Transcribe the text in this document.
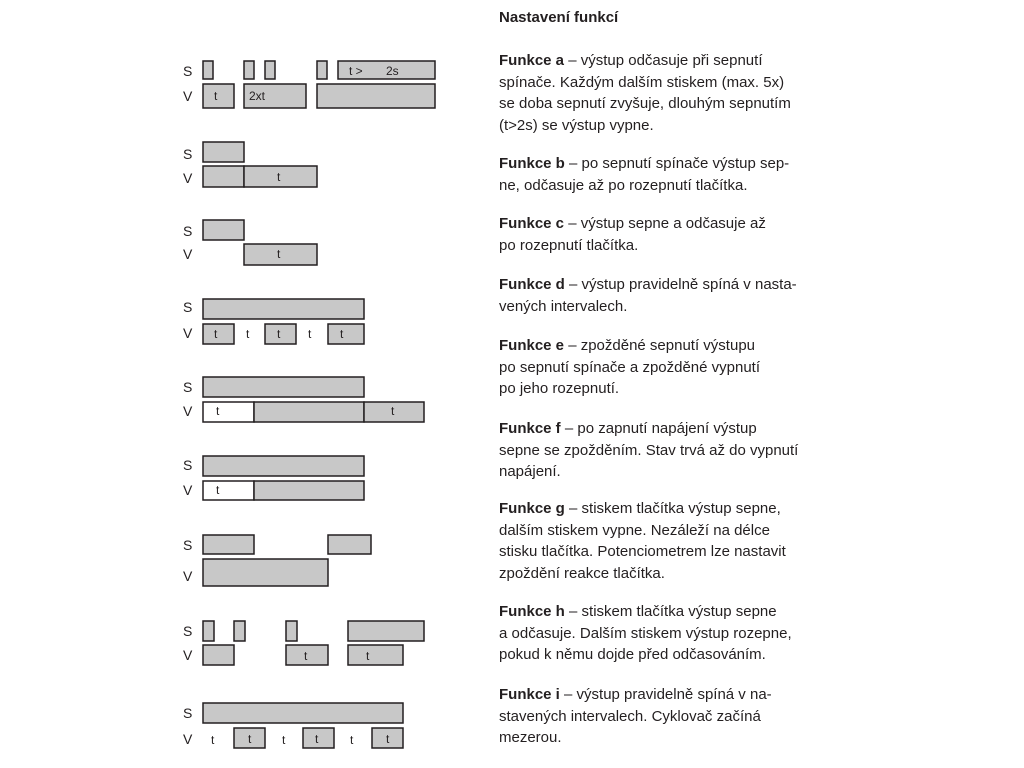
S
V
t > 2s
t	2xt
S
V	t
S
V	t
S
V t t t t t
S
V t	t
S
V t
S
V
S
V	t	t
S
V t	t	t t	t	t
Nastavení funkcí
Funkce a – výstup odčasuje při sepnutí
spínače. Každým dalším stiskem (max. 5x)
se doba sepnutí zvyšuje, dlouhým sepnutím
(t>2s) se výstup vypne.
Funkce b – po sepnutí spínače výstup sep-
ne, odčasuje až po rozepnutí tlačítka.
Funkce c – výstup sepne a odčasuje až
po rozepnutí tlačítka.
Funkce d – výstup pravidelně spíná v nasta-
vených intervalech.
Funkce e – zpožděné sepnutí výstupu
po sepnutí spínače a zpožděné vypnutí
po jeho rozepnutí.
Funkce f – po zapnutí napájení výstup
sepne se zpožděním. Stav trvá až do vypnutí
napájení.
Funkce g – stiskem tlačítka výstup sepne,
dalším stiskem vypne. Nezáleží na délce
stisku tlačítka. Potenciometrem lze nastavit
zpoždění reakce tlačítka.
Funkce h – stiskem tlačítka výstup sepne
a odčasuje. Dalším stiskem výstup rozepne,
pokud k němu dojde před odčasováním.
Funkce i – výstup pravidelně spíná v na-
stavených intervalech. Cyklovač začíná
mezerou.
